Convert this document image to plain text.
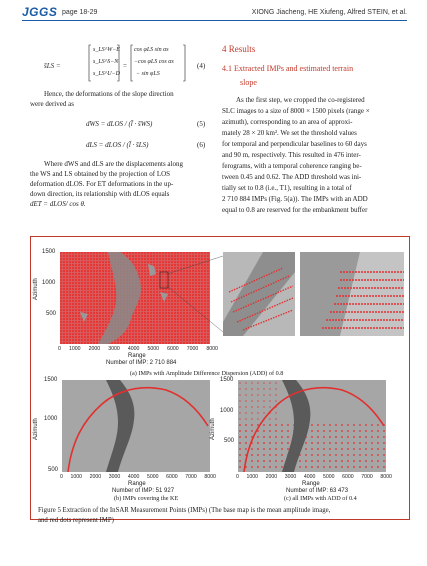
JGGS page 18-29	XIONG Jiacheng, HE Xiufeng, Alfred STEIN, et al.
s̄LS =
s_LS^W−E
s_LS^S−N
s_LS^U−D
=
cos φLS sin αs
−cos φLS cos αs
− sin φLS
(4)
Hence, the deformations of the slope direction
were derived as
dWS = dLOS / (l̄ · s̄WS)	(5)
dLS = dLOS / (l̄ · s̄LS)	(6)
Where dWS and dLS are the displacements along
the WS and LS obtained by the projection of LOS
deformation dLOS. For ET deformations in the up-
down direction, its relationship with dLOS equals
dET = dLOS/ cos θ.
4 Results
4.1 Extracted IMPs and estimated terrain
slope
As the first step, we cropped the co-registered
SLC images to a size of 8000 × 1500 pixels (range ×
azimuth), corresponding to an area of approxi-
mately 28 × 20 km². We set the threshold values
for temporal and perpendicular baselines to 60 days
and 90 m, respectively. This resulted in 476 inter-
ferograms, with a temporal coherence ranging be-
tween 0.45 and 0.62. The ADD threshold was ini-
tially set to 0.8 (i.e., T1), resulting in a total of
2 710 884 IMPs (Fig. 5(a)). The IMPs with an ADD
equal to 0.8 are reserved for the embankment buffer
1500
1000
500
Azimuth
0 1000 2000 3000 4000 5000 6000 7000 8000
Range
Number of IMP: 2 710 884
(a) IMPs with Amplitude Difference Dispersion (ADD) of 0.8
1500
1000
500
Azimuth
0 1000 2000 3000 4000 5000 6000 7000 8000
Range
Number of IMP: 51 927
(b) IMPs covering the KE
1500
1000
500
Azimuth
0 1000 2000 3000 4000 5000 6000 7000 8000
Range
Number of IMP: 63 473
(c) all IMPs with ADD of 0.4
Figure 5 Extraction of the InSAR Measurement Points (IMPs) (The base map is the mean amplitude image,
and red dots represent IMP)
